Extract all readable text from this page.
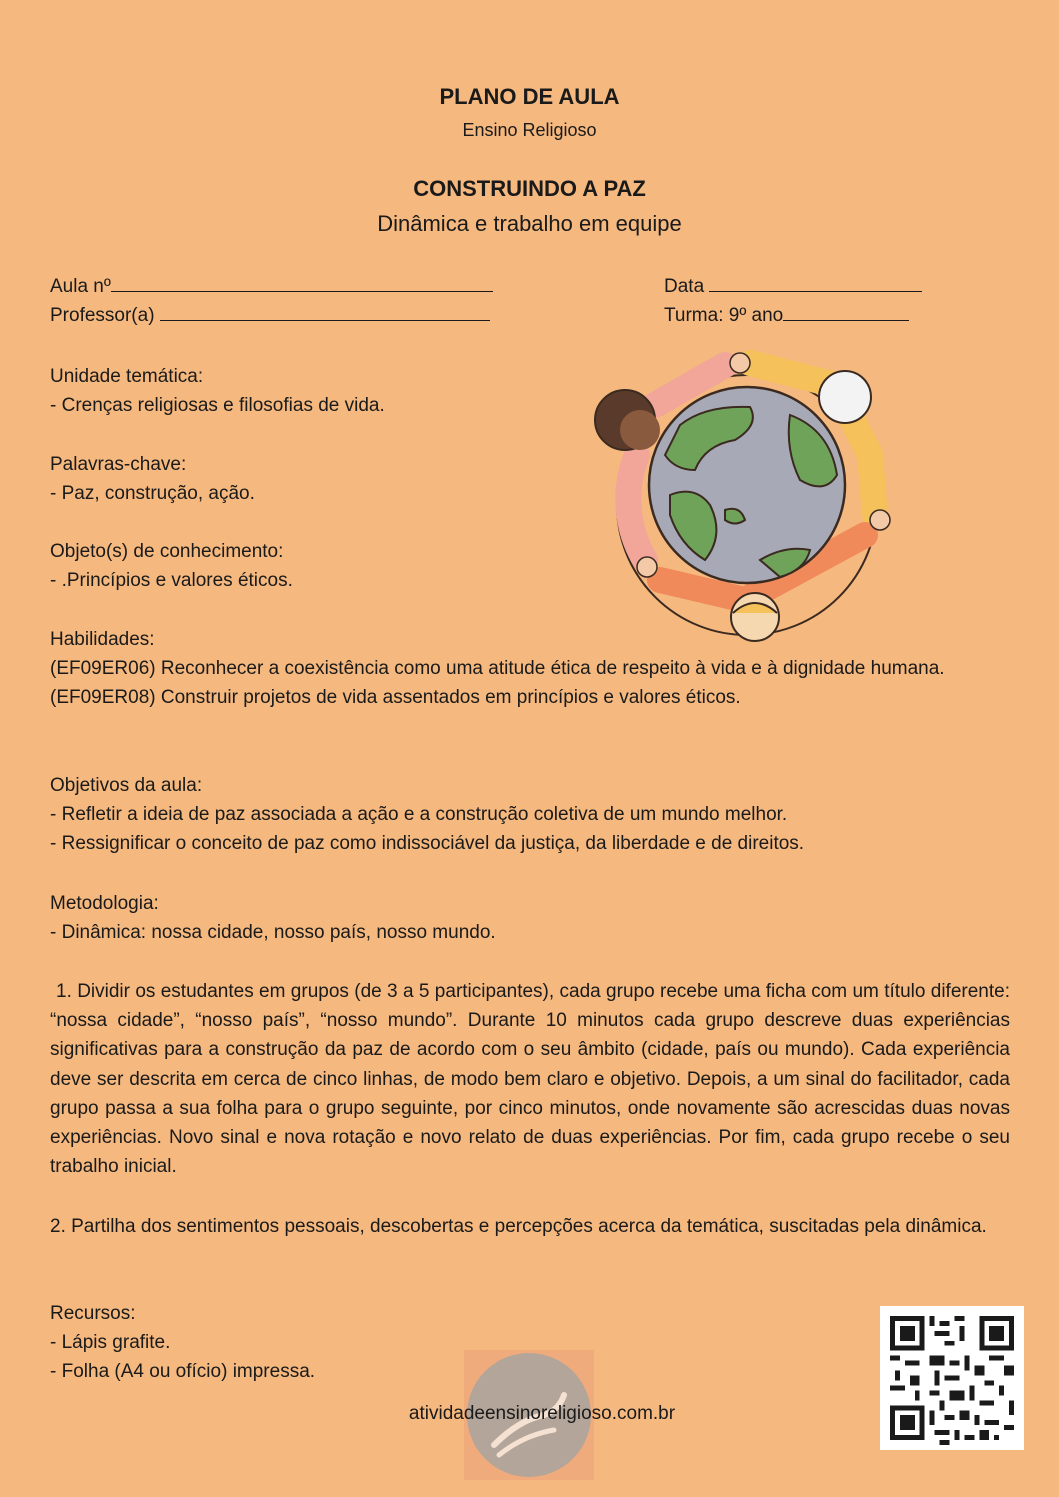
PLANO DE AULA
Ensino Religioso
CONSTRUINDO A PAZ
Dinâmica e trabalho em equipe
Aula nº
Professor(a)
Data
Turma: 9º ano

Unidade temática:

- Crenças religiosas e filosofias de vida.

Palavras-chave:

- Paz, construção, ação.

Objeto(s) de conhecimento:

- .Princípios e valores éticos.

Habilidades:

(EF09ER06) Reconhecer a coexistência como uma atitude ética de respeito à vida e à dignidade humana.

(EF09ER08) Construir projetos de vida assentados em princípios e valores éticos.

Objetivos da aula:

- Refletir a ideia de paz associada a ação e a construção coletiva de um mundo melhor.

- Ressignificar o conceito de paz como indissociável da justiça, da liberdade e de direitos.

Metodologia:

- Dinâmica: nossa cidade, nosso país, nosso mundo.

1. Dividir os estudantes em grupos (de 3 a 5 participantes), cada grupo recebe uma ficha com um título diferente: “nossa cidade”, “nosso país”, “nosso mundo”. Durante 10 minutos cada grupo descreve duas experiências significativas para a construção da paz de acordo com o seu âmbito (cidade, país ou mundo). Cada experiência deve ser descrita em cerca de cinco linhas, de modo bem claro e objetivo. Depois, a um sinal do facilitador, cada grupo passa a sua folha para o grupo seguinte, por cinco minutos, onde novamente são acrescidas duas novas experiências. Novo sinal e nova rotação e novo relato de duas experiências. Por fim, cada grupo recebe o seu trabalho inicial.
2. Partilha dos sentimentos pessoais, descobertas e percepções acerca da temática, suscitadas pela dinâmica.

Recursos:

- Lápis grafite.

- Folha (A4 ou ofício) impressa.

atividadeensinoreligioso.com.br
